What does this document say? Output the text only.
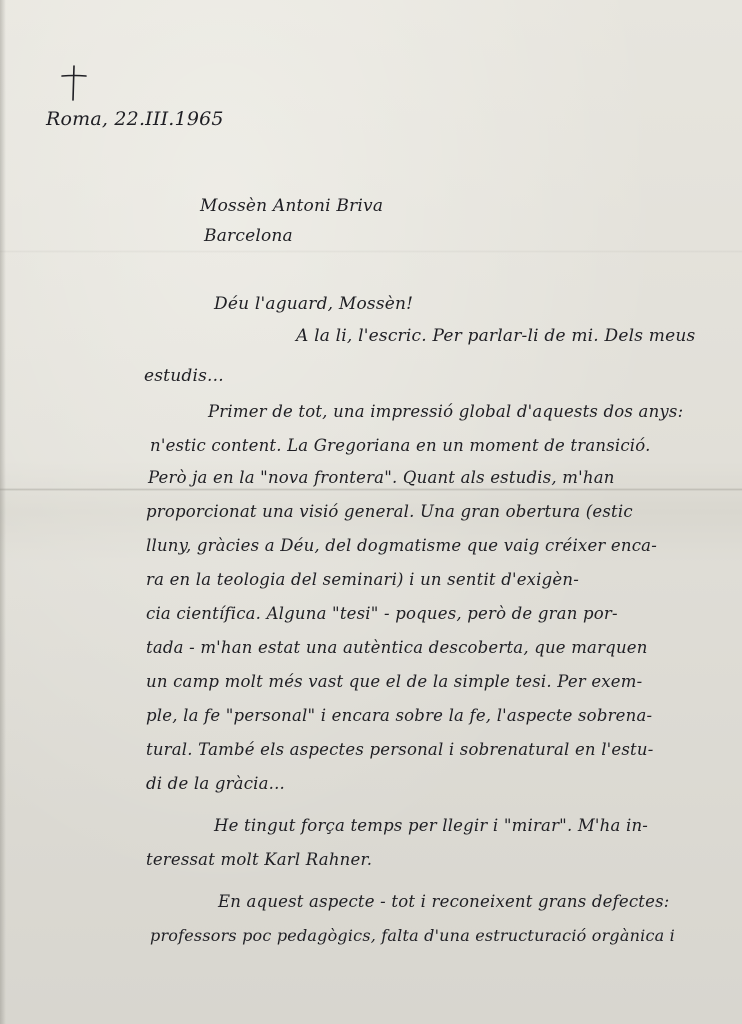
Roma, 22.III.1965
Mossèn Antoni Briva
Barcelona
Déu l'aguard, Mossèn!
A la li, l'escric. Per parlar-li de mi. Dels meus
estudis...
Primer de tot, una impressió global d'aquests dos anys:
n'estic content. La Gregoriana en un moment de transició.
Però ja en la "nova frontera". Quant als estudis, m'han
proporcionat una visió general. Una gran obertura (estic
lluny, gràcies a Déu, del dogmatisme que vaig créixer enca-
ra en la teologia del seminari) i un sentit d'exigèn-
cia científica. Alguna "tesi" - poques, però de gran por-
tada - m'han estat una autèntica descoberta, que marquen
un camp molt més vast que el de la simple tesi. Per exem-
ple, la fe "personal" i encara sobre la fe, l'aspecte sobrena-
tural. També els aspectes personal i sobrenatural en l'estu-
di de la gràcia...
He tingut força temps per llegir i "mirar". M'ha in-
teressat molt Karl Rahner.
En aquest aspecte - tot i reconeixent grans defectes:
professors poc pedagògics, falta d'una estructuració orgànica i
